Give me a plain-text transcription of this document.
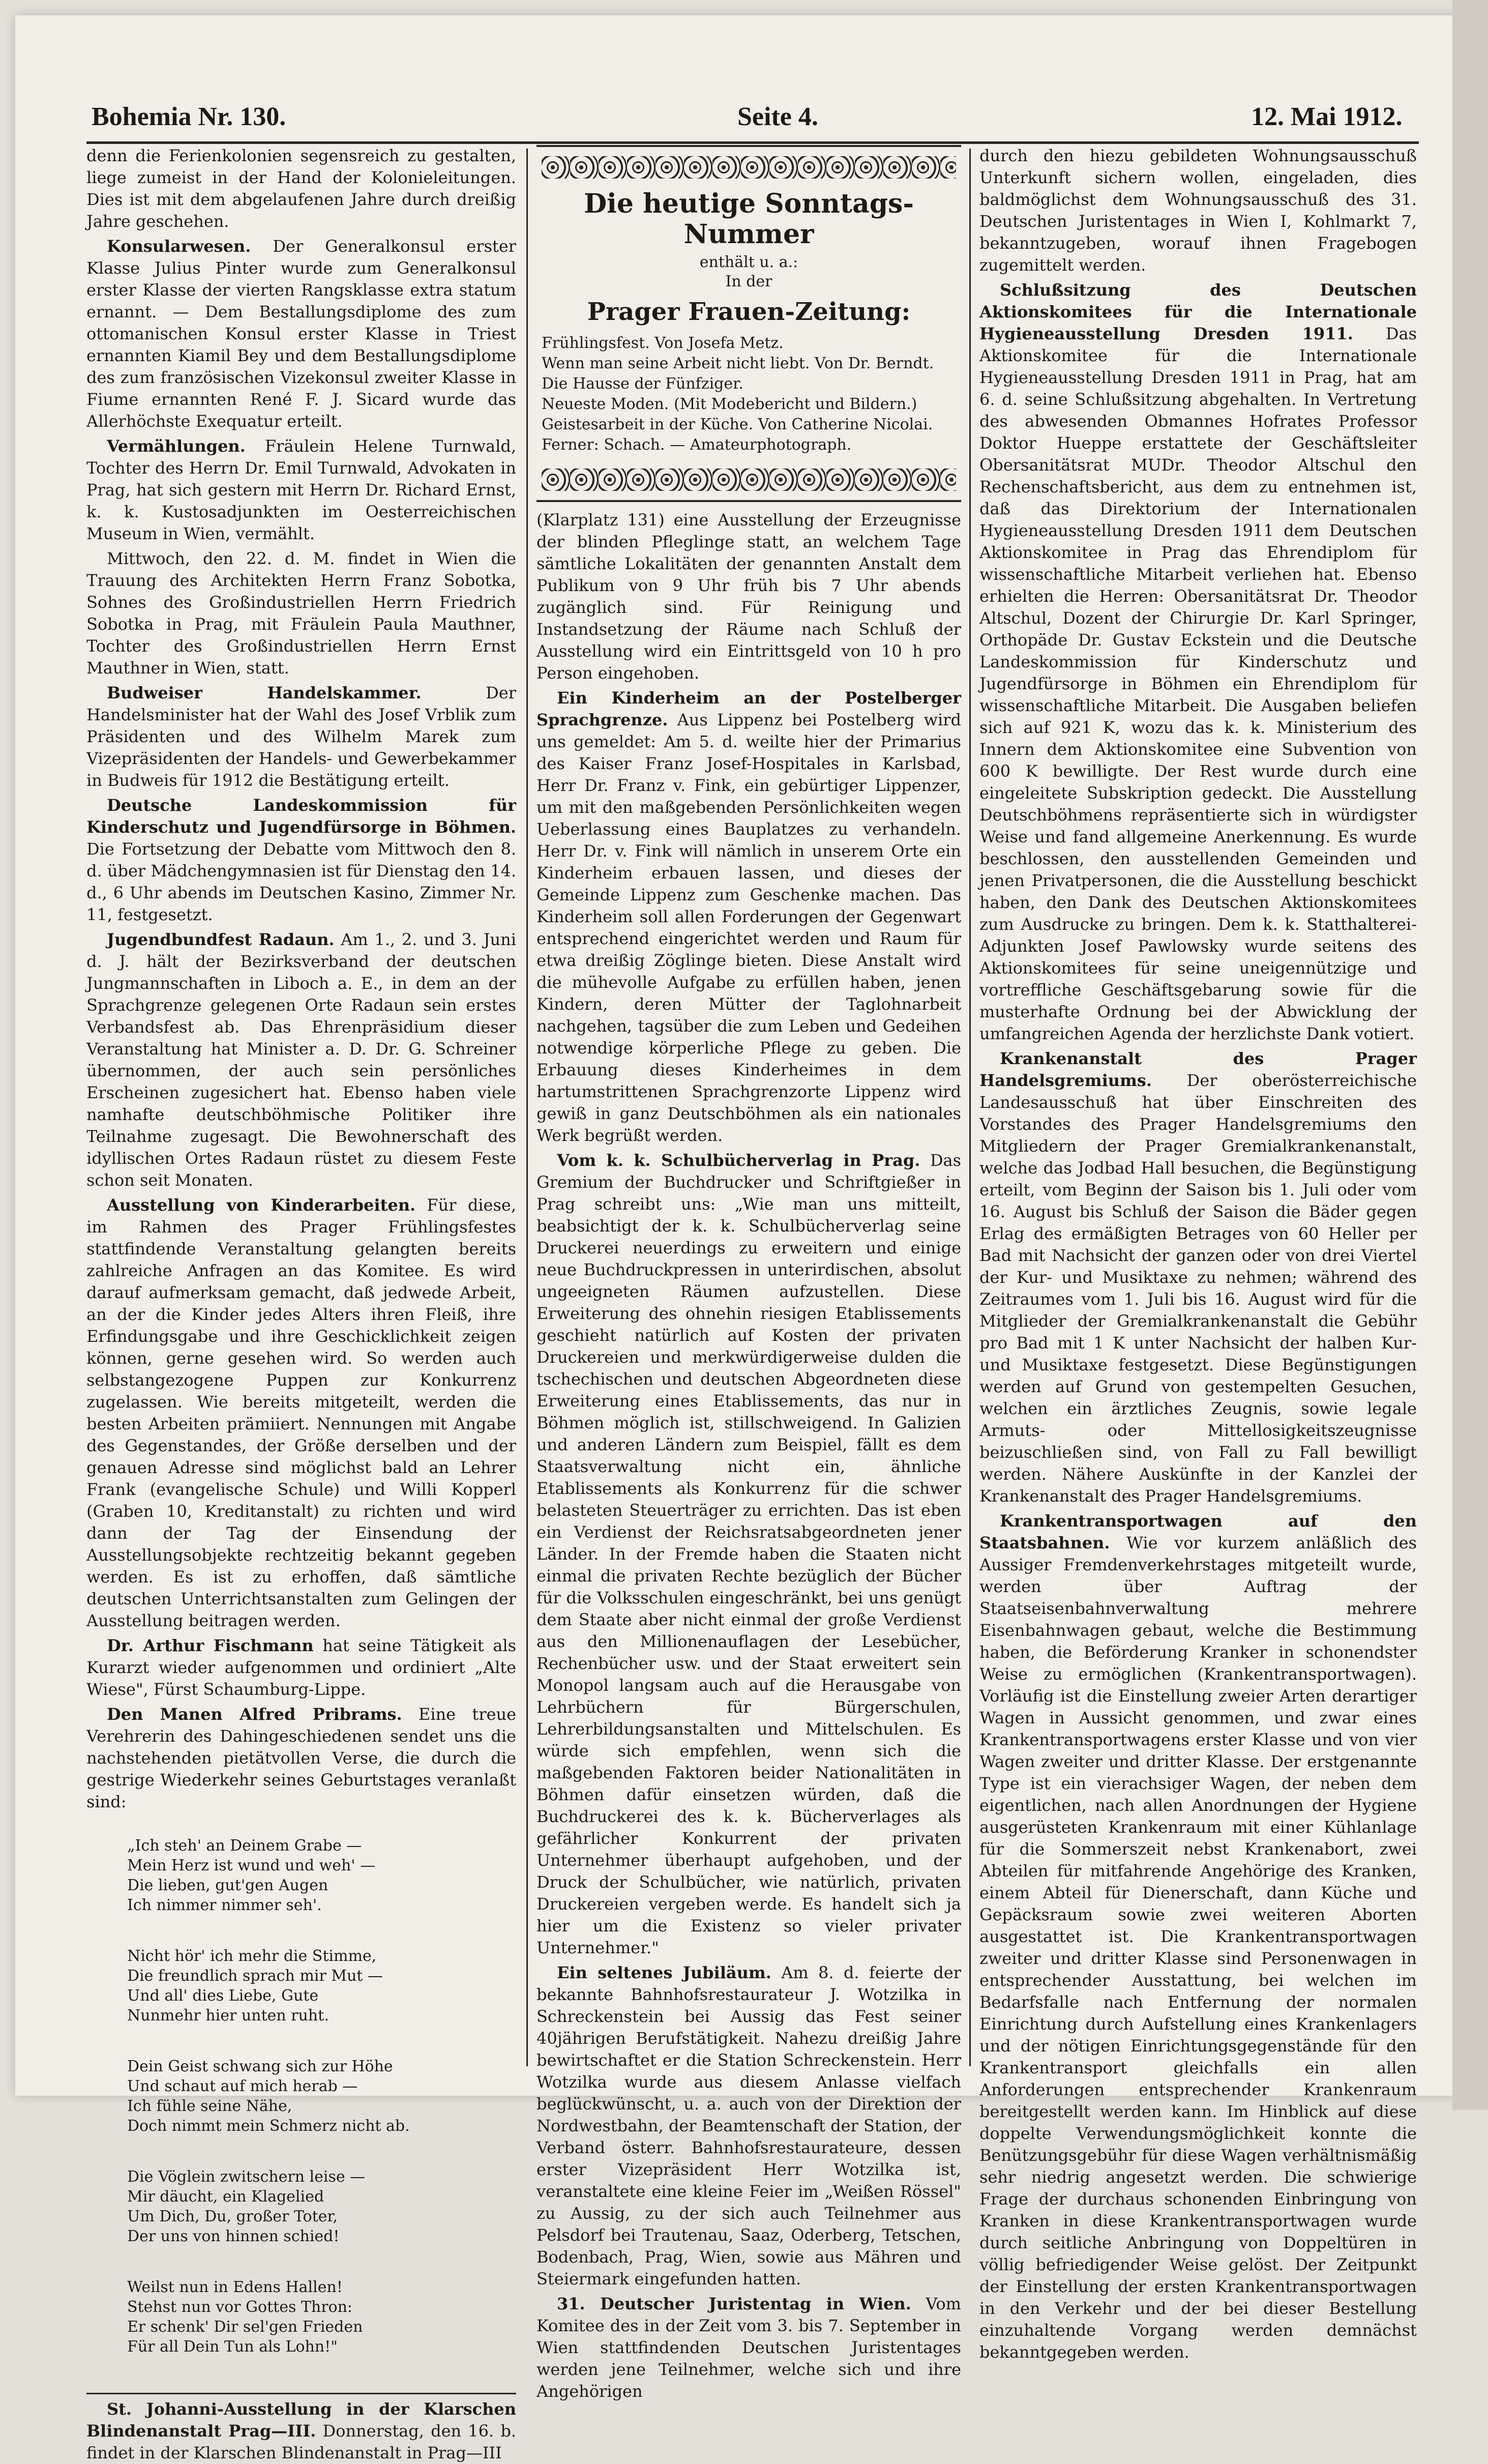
Bohemia Nr. 130.	Seite 4.	12. Mai 1912.

denn die Ferienkolonien segensreich zu gestalten, liege zumeist in der Hand der Kolonieleitungen. Dies ist mit dem abgelaufenen Jahre durch dreißig Jahre geschehen.

Konsularwesen. Der Generalkonsul erster Klasse Julius Pinter wurde zum Generalkonsul erster Klasse der vierten Rangsklasse extra statum ernannt. — Dem Bestallungsdiplome des zum ottomanischen Konsul erster Klasse in Triest ernannten Kiamil Bey und dem Bestallungsdiplome des zum französischen Vizekonsul zweiter Klasse in Fiume ernannten René F. J. Sicard wurde das Allerhöchste Exequatur erteilt.

Vermählungen. Fräulein Helene Turnwald, Tochter des Herrn Dr. Emil Turnwald, Advokaten in Prag, hat sich gestern mit Herrn Dr. Richard Ernst, k. k. Kustosadjunkten im Oesterreichischen Museum in Wien, vermählt.

Mittwoch, den 22. d. M. findet in Wien die Trauung des Architekten Herrn Franz Sobotka, Sohnes des Großindustriellen Herrn Friedrich Sobotka in Prag, mit Fräulein Paula Mauthner, Tochter des Großindustriellen Herrn Ernst Mauthner in Wien, statt.

Budweiser Handelskammer.	Der Handelsminister hat der Wahl des Josef Vrblik zum Präsidenten und des Wilhelm Marek zum Vizepräsidenten der Handels- und Gewerbekammer in Budweis für 1912 die Bestätigung erteilt.

Deutsche Landeskommission für Kinderschutz und Jugendfürsorge in Böhmen. Die Fortsetzung der Debatte vom Mittwoch den 8. d. über Mädchengymnasien ist für Dienstag den 14. d., 6 Uhr abends im Deutschen Kasino, Zimmer Nr. 11, festgesetzt.

Jugendbundfest Radaun. Am 1., 2. und 3. Juni d. J. hält der Bezirksverband der deutschen Jungmannschaften in Liboch a. E., in dem an der Sprachgrenze gelegenen Orte Radaun sein erstes Verbandsfest ab. Das Ehrenpräsidium dieser Veranstaltung hat Minister a. D. Dr. G. Schreiner übernommen, der auch sein persönliches Erscheinen zugesichert hat. Ebenso haben viele namhafte deutschböhmische Politiker ihre Teilnahme zugesagt. Die Bewohnerschaft des idyllischen Ortes Radaun rüstet zu diesem Feste schon seit Monaten.

Ausstellung von Kinderarbeiten. Für diese, im Rahmen des Prager Frühlingsfestes stattfindende Veranstaltung gelangten bereits zahlreiche Anfragen an das Komitee. Es wird darauf aufmerksam gemacht, daß jedwede Arbeit, an der die Kinder jedes Alters ihren Fleiß, ihre Erfindungsgabe und ihre Geschicklichkeit zeigen können, gerne gesehen wird. So werden auch selbstangezogene Puppen zur Konkurrenz zugelassen. Wie bereits mitgeteilt, werden die besten Arbeiten prämiiert. Nennungen mit Angabe des Gegenstandes, der Größe derselben und der genauen Adresse sind möglichst bald an Lehrer Frank (evangelische Schule) und Willi Kopperl (Graben 10, Kreditanstalt) zu richten und wird dann der Tag der Einsendung der Ausstellungsobjekte rechtzeitig bekannt gegeben werden. Es ist zu erhoffen, daß sämtliche deutschen Unterrichtsanstalten zum Gelingen der Ausstellung beitragen werden.

Dr. Arthur Fischmann hat seine Tätigkeit als Kurarzt wieder aufgenommen und ordiniert „Alte Wiese", Fürst Schaumburg-Lippe.

Den Manen Alfred Pribrams. Eine treue Verehrerin des Dahingeschiedenen sendet uns die nachstehenden pietätvollen Verse, die durch die gestrige Wiederkehr seines Geburtstages veranlaßt sind:

„Ich steh' an Deinem Grabe —
Mein Herz ist wund und weh' —
Die lieben, gut'gen Augen
Ich nimmer nimmer seh'.

Nicht hör' ich mehr die Stimme,
Die freundlich sprach mir Mut —
Und all' dies Liebe, Gute
Nunmehr hier unten ruht.

Dein Geist schwang sich zur Höhe
Und schaut auf mich herab —
Ich fühle seine Nähe,
Doch nimmt mein Schmerz nicht ab.

Die Vöglein zwitschern leise —
Mir däucht, ein Klagelied
Um Dich, Du, großer Toter,
Der uns von hinnen schied!

Weilst nun in Edens Hallen!
Stehst nun vor Gottes Thron:
Er schenk' Dir sel'gen Frieden
Für all Dein Tun als Lohn!"

St. Johanni-Ausstellung in der Klarschen Blindenanstalt Prag—III. Donnerstag, den 16. b. findet in der Klarschen Blindenanstalt in Prag—III

Die heutige Sonntags-Nummer
enthält u. a.:
In der
Prager Frauen-Zeitung:
Frühlingsfest. Von Josefa Metz.
Wenn man seine Arbeit nicht liebt. Von Dr. Berndt.
Die Hausse der Fünfziger.
Neueste Moden. (Mit Modebericht und Bildern.)
Geistesarbeit in der Küche. Von Catherine Nicolai.
Ferner: Schach. — Amateurphotograph.

(Klarplatz 131) eine Ausstellung der Erzeugnisse der blinden Pfleglinge statt, an welchem Tage sämtliche Lokalitäten der genannten Anstalt dem Publikum von 9 Uhr früh bis 7 Uhr abends zugänglich sind. Für Reinigung und Instandsetzung der Räume nach Schluß der Ausstellung wird ein Eintrittsgeld von 10 h pro Person eingehoben.

Ein Kinderheim an der Postelberger Sprachgrenze. Aus Lippenz bei Postelberg wird uns gemeldet: Am 5. d. weilte hier der Primarius des Kaiser Franz Josef-Hospitales in Karlsbad, Herr Dr. Franz v. Fink, ein gebürtiger Lippenzer, um mit den maßgebenden Persönlichkeiten wegen Ueberlassung eines Bauplatzes zu verhandeln. Herr Dr. v. Fink will nämlich in unserem Orte ein Kinderheim erbauen lassen, und dieses der Gemeinde Lippenz zum Geschenke machen. Das Kinderheim soll allen Forderungen der Gegenwart entsprechend eingerichtet werden und Raum für etwa dreißig Zöglinge bieten. Diese Anstalt wird die mühevolle Aufgabe zu erfüllen haben, jenen Kindern, deren Mütter der Taglohnarbeit nachgehen, tagsüber die zum Leben und Gedeihen notwendige körperliche Pflege zu geben. Die Erbauung dieses Kinderheimes in dem hartumstrittenen Sprachgrenzorte Lippenz wird gewiß in ganz Deutschböhmen als ein nationales Werk begrüßt werden.

Vom k. k. Schulbücherverlag in Prag. Das Gremium der Buchdrucker und Schriftgießer in Prag schreibt uns: „Wie man uns mitteilt, beabsichtigt der k. k. Schulbücherverlag seine Druckerei neuerdings zu erweitern und einige neue Buchdruckpressen in unterirdischen, absolut ungeeigneten Räumen aufzustellen. Diese Erweiterung des ohnehin riesigen Etablissements geschieht natürlich auf Kosten der privaten Druckereien und merkwürdigerweise dulden die tschechischen und deutschen Abgeordneten diese Erweiterung eines Etablissements, das nur in Böhmen möglich ist, stillschweigend. In Galizien und anderen Ländern zum Beispiel, fällt es dem Staatsverwaltung nicht ein, ähnliche Etablissements als Konkurrenz für die schwer belasteten Steuerträger zu errichten. Das ist eben ein Verdienst der Reichsratsabgeordneten jener Länder. In der Fremde haben die Staaten nicht einmal die privaten Rechte bezüglich der Bücher für die Volksschulen eingeschränkt, bei uns genügt dem Staate aber nicht einmal der große Verdienst aus den Millionenauflagen der Lesebücher, Rechenbücher usw. und der Staat erweitert sein Monopol langsam auch auf die Herausgabe von Lehrbüchern für Bürgerschulen, Lehrerbildungsanstalten und Mittelschulen. Es würde sich empfehlen, wenn sich die maßgebenden Faktoren beider Nationalitäten in Böhmen dafür einsetzen würden, daß die Buchdruckerei des k. k. Bücherverlages als gefährlicher Konkurrent der privaten Unternehmer überhaupt aufgehoben, und der Druck der Schulbücher, wie natürlich, privaten Druckereien vergeben werde. Es handelt sich ja hier um die Existenz so vieler privater Unternehmer."

Ein seltenes Jubiläum. Am 8. d. feierte der bekannte Bahnhofsrestaurateur J. Wotzilka in Schreckenstein bei Aussig das Fest seiner 40jährigen Berufstätigkeit. Nahezu dreißig Jahre bewirtschaftet er die Station Schreckenstein. Herr Wotzilka wurde aus diesem Anlasse vielfach beglückwünscht, u. a. auch von der Direktion der Nordwestbahn, der Beamtenschaft der Station, der Verband österr. Bahnhofsrestaurateure, dessen erster Vizepräsident Herr Wotzilka ist, veranstaltete eine kleine Feier im „Weißen Rössel" zu Aussig, zu der sich auch Teilnehmer aus Pelsdorf bei Trautenau, Saaz, Oderberg, Tetschen, Bodenbach, Prag, Wien, sowie aus Mähren und Steiermark eingefunden hatten.

31. Deutscher Juristentag in Wien. Vom Komitee des in der Zeit vom 3. bis 7. September in Wien stattfindenden Deutschen Juristentages werden jene Teilnehmer, welche sich und ihre Angehörigen

durch den hiezu gebildeten Wohnungsausschuß Unterkunft sichern wollen, eingeladen, dies baldmöglichst dem Wohnungsausschuß des 31. Deutschen Juristentages in Wien I, Kohlmarkt 7, bekanntzugeben, worauf ihnen Fragebogen zugemittelt werden.

Schlußsitzung des Deutschen Aktionskomitees für die Internationale Hygieneausstellung Dresden 1911. Das Aktionskomitee für die Internationale Hygieneausstellung Dresden 1911 in Prag, hat am 6. d. seine Schlußsitzung abgehalten. In Vertretung des abwesenden Obmannes Hofrates Professor Doktor Hueppe erstattete der Geschäftsleiter Obersanitätsrat MUDr. Theodor Altschul den Rechenschaftsbericht, aus dem zu entnehmen ist, daß das Direktorium der Internationalen Hygieneausstellung Dresden 1911 dem Deutschen Aktionskomitee in Prag das Ehrendiplom für wissenschaftliche Mitarbeit verliehen hat. Ebenso erhielten die Herren: Obersanitätsrat Dr. Theodor Altschul, Dozent der Chirurgie Dr. Karl Springer, Orthopäde Dr. Gustav Eckstein und die Deutsche Landeskommission für Kinderschutz und Jugendfürsorge in Böhmen ein Ehrendiplom für wissenschaftliche Mitarbeit. Die Ausgaben beliefen sich auf 921 K, wozu das k. k. Ministerium des Innern dem Aktionskomitee eine Subvention von 600 K bewilligte. Der Rest wurde durch eine eingeleitete Subskription gedeckt. Die Ausstellung Deutschböhmens repräsentierte sich in würdigster Weise und fand allgemeine Anerkennung. Es wurde beschlossen, den ausstellenden Gemeinden und jenen Privatpersonen, die die Ausstellung beschickt haben, den Dank des Deutschen Aktionskomitees zum Ausdrucke zu bringen. Dem k. k. Statthalterei-Adjunkten Josef Pawlowsky wurde seitens des Aktionskomitees für seine uneigennützige und vortreffliche Geschäftsgebarung sowie für die musterhafte Ordnung bei der Abwicklung der umfangreichen Agenda der herzlichste Dank votiert.

Krankenanstalt des Prager Handelsgremiums. Der oberösterreichische Landesausschuß hat über Einschreiten des Vorstandes des Prager Handelsgremiums den Mitgliedern der Prager Gremialkrankenanstalt, welche das Jodbad Hall besuchen, die Begünstigung erteilt, vom Beginn der Saison bis 1. Juli oder vom 16. August bis Schluß der Saison die Bäder gegen Erlag des ermäßigten Betrages von 60 Heller per Bad mit Nachsicht der ganzen oder von drei Viertel der Kur- und Musiktaxe zu nehmen; während des Zeitraumes vom 1. Juli bis 16. August wird für die Mitglieder der Gremialkrankenanstalt die Gebühr pro Bad mit 1 K unter Nachsicht der halben Kur- und Musiktaxe festgesetzt. Diese Begünstigungen werden auf Grund von gestempelten Gesuchen, welchen ein ärztliches Zeugnis, sowie legale Armuts- oder Mittellosigkeitszeugnisse beizuschließen sind, von Fall zu Fall bewilligt werden. Nähere Auskünfte in der Kanzlei der Krankenanstalt des Prager Handelsgremiums.

Krankentransportwagen auf den Staatsbahnen. Wie vor kurzem anläßlich des Aussiger Fremdenverkehrstages mitgeteilt wurde, werden über Auftrag der Staatseisenbahnverwaltung mehrere Eisenbahnwagen gebaut, welche die Bestimmung haben, die Beförderung Kranker in schonendster Weise zu ermöglichen (Krankentransportwagen). Vorläufig ist die Einstellung zweier Arten derartiger Wagen in Aussicht genommen, und zwar eines Krankentransportwagens erster Klasse und von vier Wagen zweiter und dritter Klasse. Der erstgenannte Type ist ein vierachsiger Wagen, der neben dem eigentlichen, nach allen Anordnungen der Hygiene ausgerüsteten Krankenraum mit einer Kühlanlage für die Sommerszeit nebst Krankenabort, zwei Abteilen für mitfahrende Angehörige des Kranken, einem Abteil für Dienerschaft, dann Küche und Gepäcksraum sowie zwei weiteren Aborten ausgestattet ist. Die Krankentransportwagen zweiter und dritter Klasse sind Personenwagen in entsprechender Ausstattung, bei welchen im Bedarfsfalle nach Entfernung der normalen Einrichtung durch Aufstellung eines Krankenlagers und der nötigen Einrichtungsgegenstände für den Krankentransport gleichfalls ein allen Anforderungen entsprechender Krankenraum bereitgestellt werden kann. Im Hinblick auf diese doppelte Verwendungsmöglichkeit konnte die Benützungsgebühr für diese Wagen verhältnismäßig sehr niedrig angesetzt werden. Die schwierige Frage der durchaus schonenden Einbringung von Kranken in diese Krankentransportwagen wurde durch seitliche Anbringung von Doppeltüren in völlig befriedigender Weise gelöst. Der Zeitpunkt der Einstellung der ersten Krankentransportwagen in den Verkehr und der bei dieser Bestellung einzuhaltende Vorgang werden demnächst bekanntgegeben werden.
